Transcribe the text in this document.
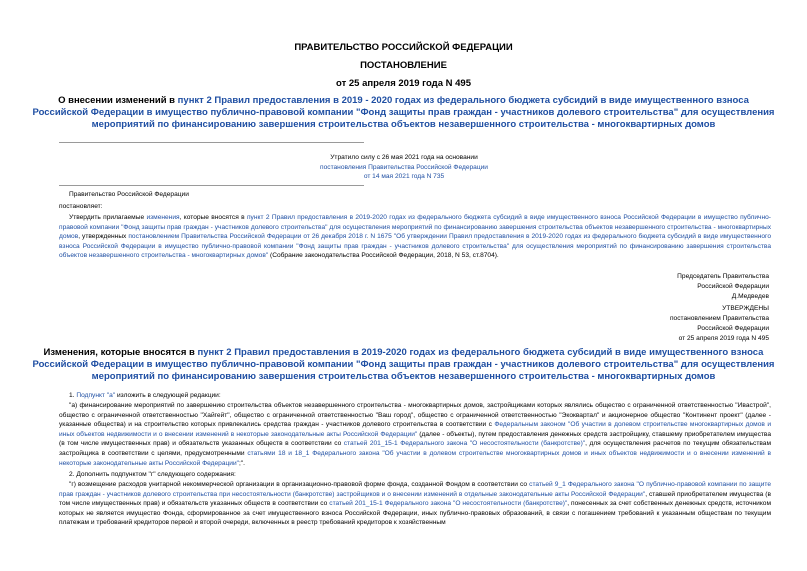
ПРАВИТЕЛЬСТВО РОССИЙСКОЙ ФЕДЕРАЦИИ
ПОСТАНОВЛЕНИЕ
от 25 апреля 2019 года N 495
О внесении изменений в пункт 2 Правил предоставления в 2019 - 2020 годах из федерального бюджета субсидий в виде имущественного взноса Российской Федерации в имущество публично-правовой компании "Фонд защиты прав граждан - участников долевого строительства" для осуществления мероприятий по финансированию завершения строительства объектов незавершенного строительства - многоквартирных домов
Утратило силу с 26 мая 2021 года на основании
постановления Правительства Российской Федерации
от 14 мая 2021 года N 735
Правительство Российской Федерации
постановляет:
Утвердить прилагаемые изменения, которые вносятся в пункт 2 Правил предоставления в 2019-2020 годах из федерального бюджета субсидий в виде имущественного взноса Российской Федерации в имущество публично-правовой компании "Фонд защиты прав граждан - участников долевого строительства" для осуществления мероприятий по финансированию завершения строительства объектов незавершенного строительства - многоквартирных домов, утвержденных постановлением Правительства Российской Федерации от 26 декабря 2018 г. N 1675 "Об утверждении Правил предоставления в 2019-2020 годах из федерального бюджета субсидий в виде имущественного взноса Российской Федерации в имущество публично-правовой компании "Фонд защиты прав граждан - участников долевого строительства" для осуществления мероприятий по финансированию завершения строительства объектов незавершенного строительства - многоквартирных домов" (Собрание законодательства Российской Федерации, 2018, N 53, ст.8704).
Председатель Правительства
Российской Федерации
Д.Медведев
УТВЕРЖДЕНЫ
постановлением Правительства
Российской Федерации
от 25 апреля 2019 года N 495
Изменения, которые вносятся в пункт 2 Правил предоставления в 2019-2020 годах из федерального бюджета субсидий в виде имущественного взноса Российской Федерации в имущество публично-правовой компании "Фонд защиты прав граждан - участников долевого строительства" для осуществления мероприятий по финансированию завершения строительства объектов незавершенного строительства - многоквартирных домов
1. Подпункт "а" изложить в следующей редакции:
"а) финансирование мероприятий по завершению строительства объектов незавершенного строительства - многоквартирных домов, застройщиками которых являлись общество с ограниченной ответственностью "Ивастрой", общество с ограниченной ответственностью "Хайгейт", общество с ограниченной ответственностью "Ваш город", общество с ограниченной ответственностью "Экоквартал" и акционерное общество "Континент проект" (далее - указанные общества) и на строительство которых привлекались средства граждан - участников долевого строительства в соответствии с Федеральным законом "Об участии в долевом строительстве многоквартирных домов и иных объектов недвижимости и о внесении изменений в некоторые законодательные акты Российской Федерации" (далее - объекты), путем предоставления денежных средств застройщику, ставшему приобретателем имущества (в том числе имущественных прав) и обязательств указанных обществ в соответствии со статьей 201_15-1 Федерального закона "О несостоятельности (банкротстве)", для осуществления расчетов по текущим обязательствам застройщика в соответствии с целями, предусмотренными статьями 18 и 18_1 Федерального закона "Об участии в долевом строительстве многоквартирных домов и иных объектов недвижимости и о внесении изменений в некоторые законодательные акты Российской Федерации";".
2. Дополнить подпунктом "г" следующего содержания:
"г) возмещение расходов унитарной некоммерческой организации в организационно-правовой форме фонда, созданной Фондом в соответствии со статьей 9_1 Федерального закона "О публично-правовой компании по защите прав граждан - участников долевого строительства при несостоятельности (банкротстве) застройщиков и о внесении изменений в отдельные законодательные акты Российской Федерации", ставшей приобретателем имущества (в том числе имущественных прав) и обязательств указанных обществ в соответствии со статьей 201_15-1 Федерального закона "О несостоятельности (банкротстве)", понесенных за счет собственных денежных средств, источником которых не является имущество Фонда, сформированное за счет имущественного взноса Российской Федерации, иных публично-правовых образований, в связи с погашением требований к указанным обществам по текущим платежам и требований кредиторов первой и второй очереди, включенных в реестр требований кредиторов к хозяйственным
